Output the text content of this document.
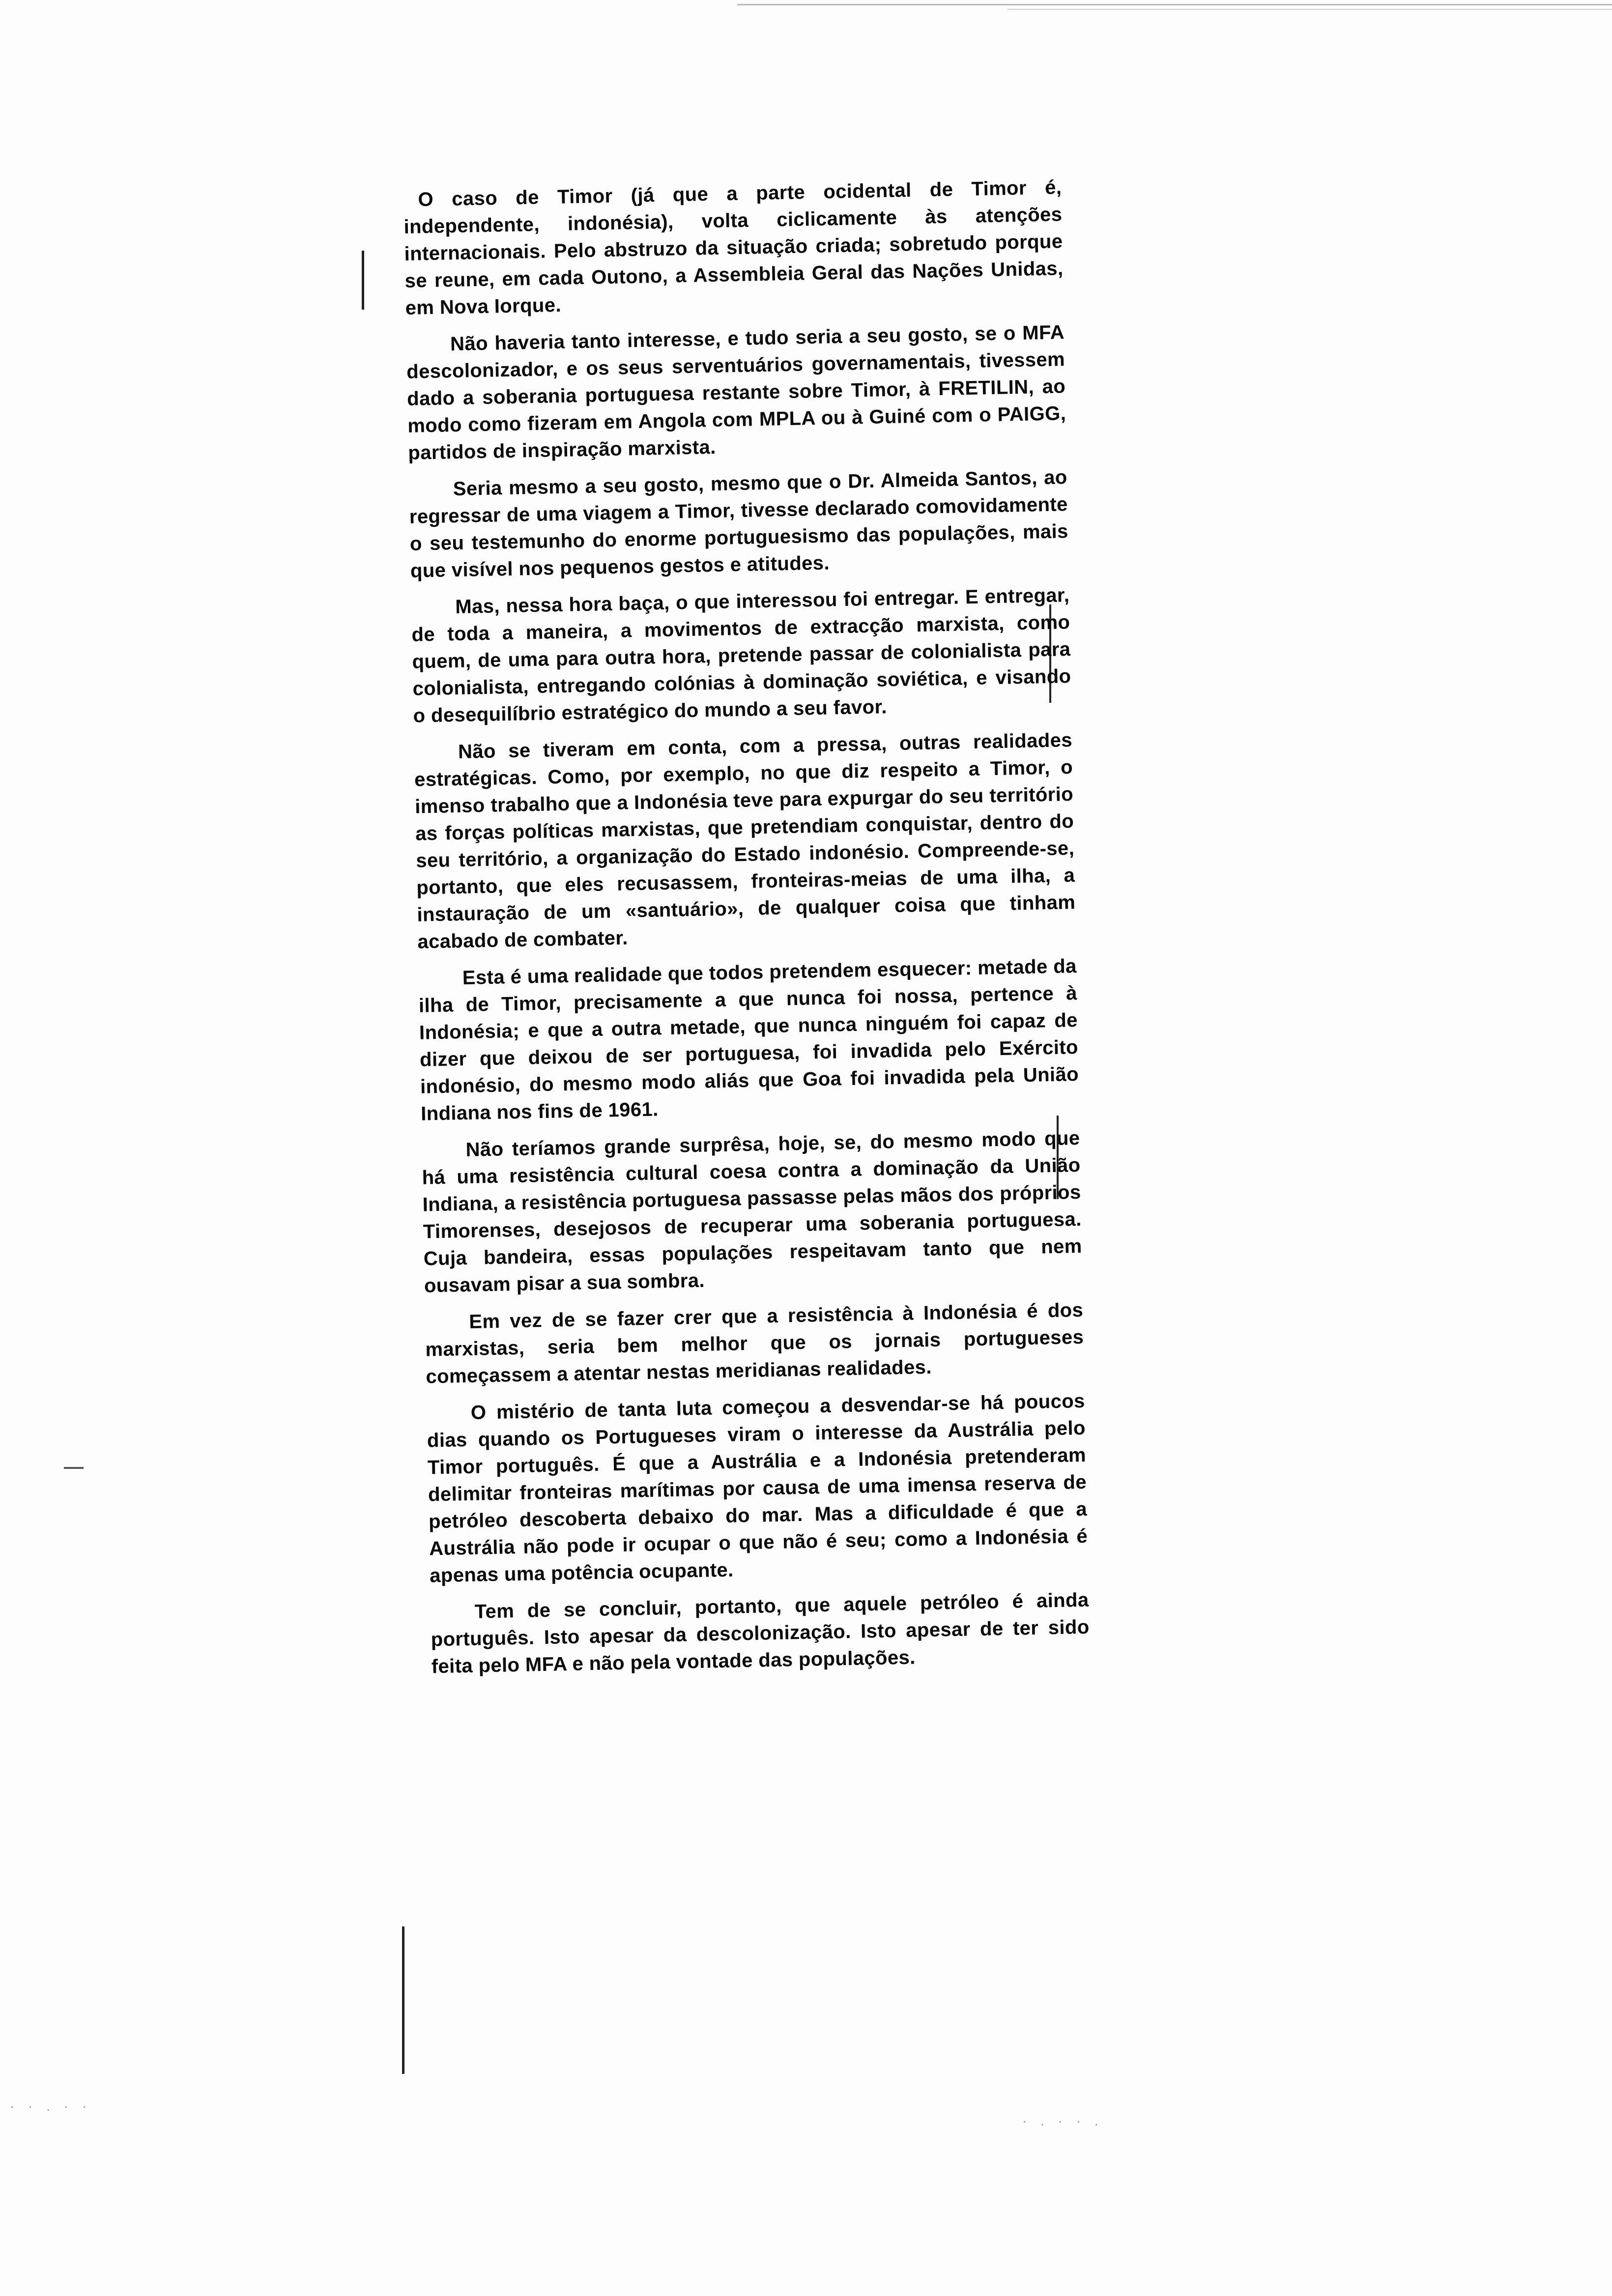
· · . · ·
· . · · .

O caso de Timor (já que a parte ocidental de Timor é, independente, indonésia), volta ciclicamente às atenções internacionais. Pelo abstruzo da situação criada; sobretudo porque se reune, em cada Outono, a Assembleia Geral das Nações Unidas, em Nova Iorque.

Não haveria tanto interesse, e tudo seria a seu gosto, se o MFA descolonizador, e os seus serventuários governamentais, tivessem dado a soberania portuguesa restante sobre Timor, à FRETILIN, ao modo como fizeram em Angola com MPLA ou à Guiné com o PAIGG, partidos de inspiração marxista.

Seria mesmo a seu gosto, mesmo que o Dr. Almeida Santos, ao regressar de uma viagem a Timor, tivesse declarado comovidamente o seu testemunho do enorme portuguesismo das populações, mais que visível nos pequenos gestos e atitudes.

Mas, nessa hora baça, o que interessou foi entregar. E entregar, de toda a maneira, a movimentos de extracção marxista, como quem, de uma para outra hora, pretende passar de colonialista para colonialista, entregando colónias à dominação soviética, e visando o desequilíbrio estratégico do mundo a seu favor.

Não se tiveram em conta, com a pressa, outras realidades estratégicas. Como, por exemplo, no que diz respeito a Timor, o imenso trabalho que a Indonésia teve para expurgar do seu território as forças políticas marxistas, que pretendiam conquistar, dentro do seu território, a organização do Estado indonésio. Compreende-se, portanto, que eles recusassem, fronteiras-meias de uma ilha, a instauração de um «santuário», de qualquer coisa que tinham acabado de combater.

Esta é uma realidade que todos pretendem esquecer: metade da ilha de Timor, precisamente a que nunca foi nossa, pertence à Indonésia; e que a outra metade, que nunca ninguém foi capaz de dizer que deixou de ser portuguesa, foi invadida pelo Exército indonésio, do mesmo modo aliás que Goa foi invadida pela União Indiana nos fins de 1961.

Não teríamos grande surprêsa, hoje, se, do mesmo modo que há uma resistência cultural coesa contra a dominação da União Indiana, a resistência portuguesa passasse pelas mãos dos próprios Timorenses, desejosos de recuperar uma soberania portuguesa. Cuja bandeira, essas populações respeitavam tanto que nem ousavam pisar a sua sombra.

Em vez de se fazer crer que a resistência à Indonésia é dos marxistas, seria bem melhor que os jornais portugueses começassem a atentar nestas meridianas realidades.

O mistério de tanta luta começou a desvendar-se há poucos dias quando os Portugueses viram o interesse da Austrália pelo Timor português. É que a Austrália e a Indonésia pretenderam delimitar fronteiras marítimas por causa de uma imensa reserva de petróleo descoberta debaixo do mar. Mas a dificuldade é que a Austrália não pode ir ocupar o que não é seu; como a Indonésia é apenas uma potência ocupante.

Tem de se concluir, portanto, que aquele petróleo é ainda português. Isto apesar da descolonização. Isto apesar de ter sido feita pelo MFA e não pela vontade das populações.
